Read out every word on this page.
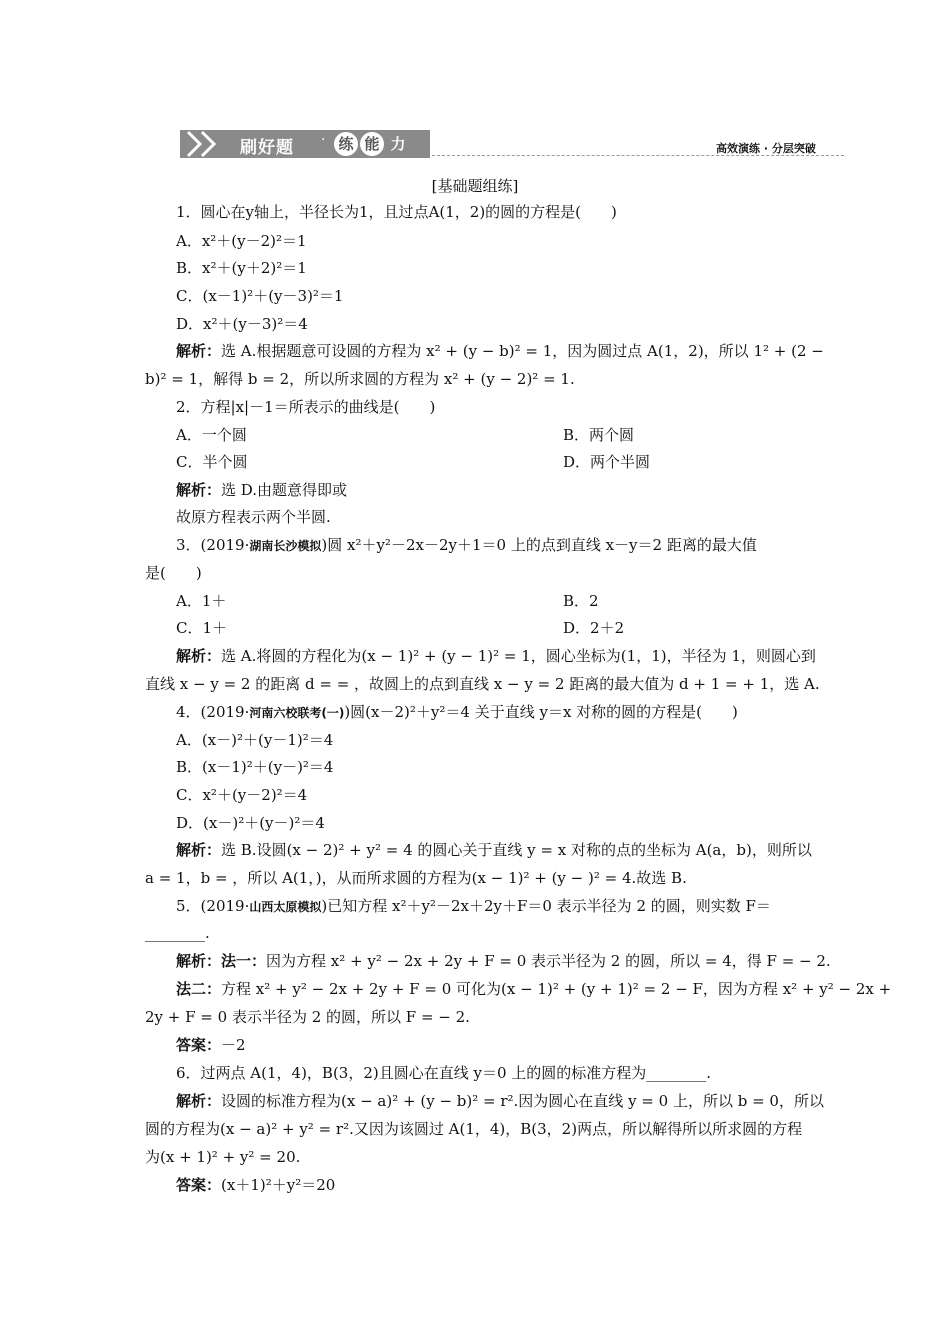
刷好题 · 练 能 力	高效演练 · 分层突破
[基础题组练]
1．圆心在y轴上，半径长为1，且过点A(1，2)的圆的方程是(　　)
A．x²＋(y－2)²＝1
B．x²＋(y＋2)²＝1
C．(x－1)²＋(y－3)²＝1
D．x²＋(y－3)²＝4
解析：选 A.根据题意可设圆的方程为 x² + (y − b)² = 1，因为圆过点 A(1，2)，所以 1² + (2 −
b)² = 1，解得 b = 2，所以所求圆的方程为 x² + (y − 2)² = 1.
2．方程|x|－1＝所表示的曲线是(　　)
A．一个圆	B．两个圆
C．半个圆	D．两个半圆
解析：选 D.由题意得即或
故原方程表示两个半圆.
3．(2019·湖南长沙模拟)圆 x²＋y²－2x－2y＋1＝0 上的点到直线 x－y＝2 距离的最大值
是(　　)
A．1＋	B．2
C．1＋	D．2＋2
解析：选 A.将圆的方程化为(x − 1)² + (y − 1)² = 1，圆心坐标为(1，1)，半径为 1，则圆心到
直线 x − y = 2 的距离 d = = ，故圆上的点到直线 x − y = 2 距离的最大值为 d + 1 = + 1，选 A.
4．(2019·河南六校联考(一))圆(x－2)²＋y²＝4 关于直线 y＝x 对称的圆的方程是(　　)
A．(x－)²＋(y－1)²＝4
B．(x－1)²＋(y－)²＝4
C．x²＋(y－2)²＝4
D．(x－)²＋(y－)²＝4
解析：选 B.设圆(x − 2)² + y² = 4 的圆心关于直线 y = x 对称的点的坐标为 A(a，b)，则所以
a = 1，b = ，所以 A(1，)，从而所求圆的方程为(x − 1)² + (y − )² = 4.故选 B.
5．(2019·山西太原模拟)已知方程 x²＋y²－2x＋2y＋F＝0 表示半径为 2 的圆，则实数 F＝
________.
解析：法一：因为方程 x² + y² − 2x + 2y + F = 0 表示半径为 2 的圆，所以 = 4，得 F = − 2.
法二：方程 x² + y² − 2x + 2y + F = 0 可化为(x − 1)² + (y + 1)² = 2 − F，因为方程 x² + y² − 2x +
2y + F = 0 表示半径为 2 的圆，所以 F = − 2.
答案：－2
6．过两点 A(1，4)，B(3，2)且圆心在直线 y＝0 上的圆的标准方程为________.
解析：设圆的标准方程为(x − a)² + (y − b)² = r².因为圆心在直线 y = 0 上，所以 b = 0，所以
圆的方程为(x − a)² + y² = r².又因为该圆过 A(1，4)，B(3，2)两点，所以解得所以所求圆的方程
为(x + 1)² + y² = 20.
答案：(x＋1)²＋y²＝20
